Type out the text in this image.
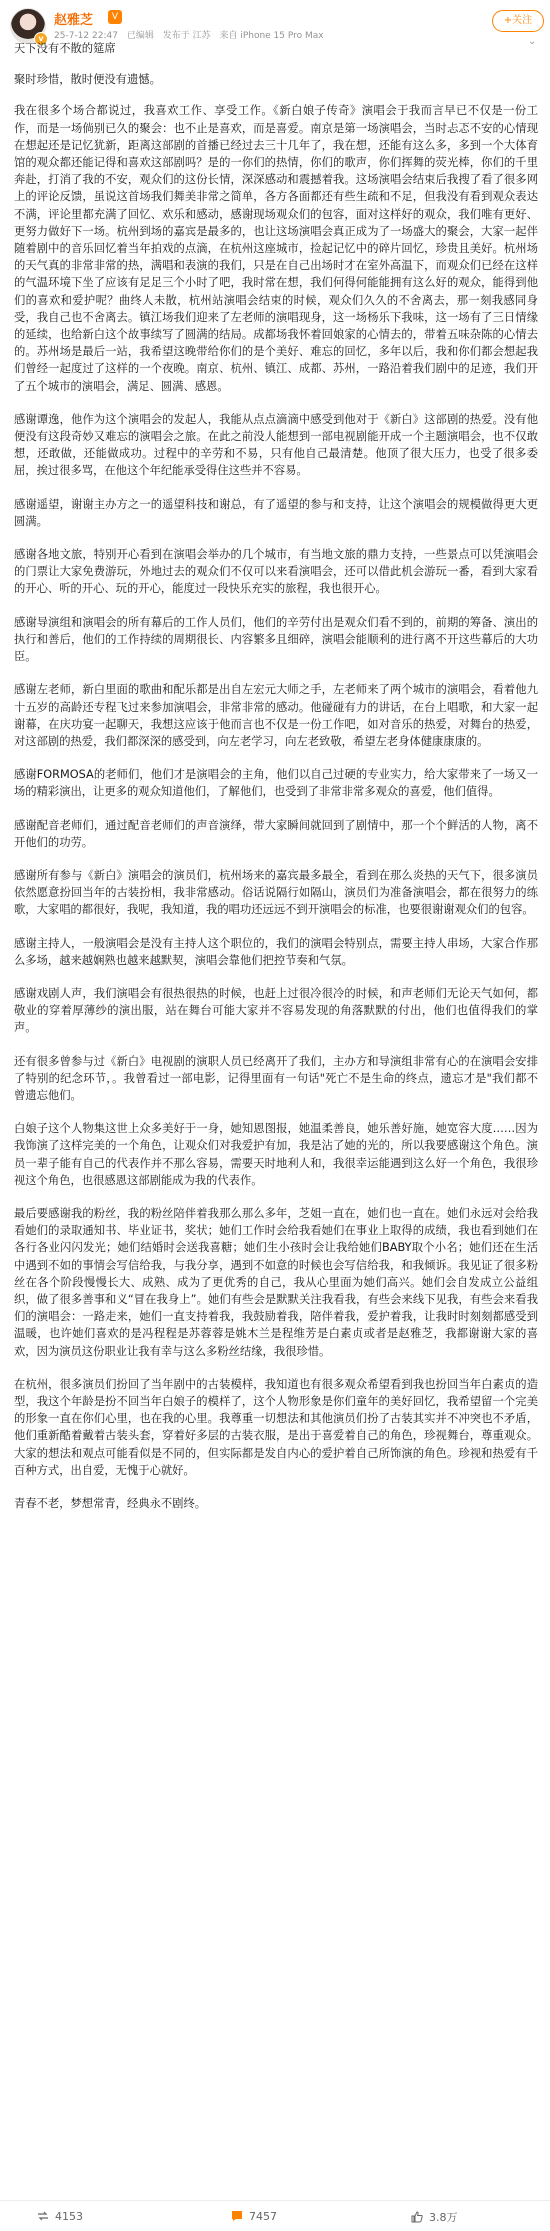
v
赵雅芝	V
25-7-12 22:47 已编辑 发布于 江苏 来自 iPhone 15 Pro Max
+关注
⌄

天下没有不散的筵席

聚时珍惜，散时便没有遗憾。

我在很多个场合都说过，我喜欢工作、享受工作。《新白娘子传奇》演唱会于我而言早已不仅是一份工作，而是一场倘别已久的聚会：也不止是喜欢，而是喜爱。南京是第一场演唱会，当时忐忑不安的心情现在想起还是记忆犹新，距离这部剧的首播已经过去三十几年了，我在想，还能有这么多，多到一个大体育馆的观众都还能记得和喜欢这部剧吗？是的一你们的热情，你们的歌声，你们挥舞的荧光棒，你们的千里奔赴，打消了我的不安，观众们的这份长情，深深感动和震撼着我。这场演唱会结束后我搜了看了很多网上的评论反馈，虽说这首场我们舞美非常之简单，各方各面都还有些生疏和不足，但我没有看到观众表达不满，评论里都充满了回忆、欢乐和感动，感谢现场观众们的包容，面对这样好的观众，我们唯有更好、更努力做好下一场。杭州到场的嘉宾是最多的，也让这场演唱会真正成为了一场盛大的聚会，大家一起伴随着剧中的音乐回忆着当年拍戏的点滴，在杭州这座城市，捡起记忆中的碎片回忆，珍贵且美好。杭州场的天气真的非常非常的热，满唱和表演的我们，只是在自己出场时才在室外高温下，而观众们已经在这样的气温环境下坐了应该有足足三个小时了吧，我时常在想，我们何得何能能拥有这么好的观众，能得到他们的喜欢和爱护呢？曲终人未散，杭州站演唱会结束的时候，观众们久久的不舍离去，那一刻我感同身受，我自己也不舍离去。镇江场我们迎来了左老师的演唱现身，这一场杨乐下我味，这一场有了三日情缘的延续，也给新白这个故事续写了圆满的结局。成都场我怀着回娘家的心情去的，带着五味杂陈的心情去的。苏州场是最后一站，我希望这晚带给你们的是个美好、难忘的回忆，多年以后，我和你们都会想起我们曾经一起度过了这样的一个夜晚。南京、杭州、镇江、成都、苏州，一路沿着我们剧中的足迹，我们开了五个城市的演唱会，满足、圆满、感恩。

感谢谭逸，他作为这个演唱会的发起人，我能从点点滴滴中感受到他对于《新白》这部剧的热爱。没有他便没有这段奇妙又难忘的演唱会之旅。在此之前没人能想到一部电视剧能开成一个主题演唱会，也不仅敢想，还敢做，还能做成功。过程中的辛劳和不易，只有他自己最清楚。他顶了很大压力，也受了很多委屈，挨过很多骂，在他这个年纪能承受得住这些并不容易。

感谢遥望，谢谢主办方之一的遥望科技和谢总，有了遥望的参与和支持，让这个演唱会的规模做得更大更圆满。

感谢各地文旅，特别开心看到在演唱会举办的几个城市，有当地文旅的鼎力支持，一些景点可以凭演唱会的门票让大家免费游玩，外地过去的观众们不仅可以来看演唱会，还可以借此机会游玩一番，看到大家看的开心、听的开心、玩的开心，能度过一段快乐充实的旅程，我也很开心。

感谢导演组和演唱会的所有幕后的工作人员们，他们的辛劳付出是观众们看不到的，前期的筹备、演出的执行和善后，他们的工作持续的周期很长、内容繁多且细碎，演唱会能顺利的进行离不开这些幕后的大功臣。

感谢左老师，新白里面的歌曲和配乐都是出自左宏元大师之手，左老师来了两个城市的演唱会，看着他九十五岁的高龄还专程飞过来参加演唱会，非常非常的感动。他碰碰有力的讲话，在台上唱歌，和大家一起谢幕，在庆功宴一起聊天，我想这应该于他而言也不仅是一份工作吧，如对音乐的热爱，对舞台的热爱，对这部剧的热爱，我们都深深的感受到，向左老学习，向左老致敬，希望左老身体健康康康的。

感谢FORMOSA的老师们，他们才是演唱会的主角，他们以自己过硬的专业实力，给大家带来了一场又一场的精彩演出，让更多的观众知道他们，了解他们，也受到了非常非常多观众的喜爱，他们值得。

感谢配音老师们，通过配音老师们的声音演绎，带大家瞬间就回到了剧情中，那一个个鲜活的人物，离不开他们的功劳。

感谢所有参与《新白》演唱会的演员们，杭州场来的嘉宾最多最全，看到在那么炎热的天气下，很多演员依然愿意扮回当年的古装扮相，我非常感动。俗话说隔行如隔山，演员们为准备演唱会，都在很努力的练歌，大家唱的都很好，我呢，我知道，我的唱功还远远不到开演唱会的标准，也要很谢谢观众们的包容。

感谢主持人，一般演唱会是没有主持人这个职位的，我们的演唱会特别点，需要主持人串场，大家合作那么多场，越来越娴熟也越来越默契，演唱会靠他们把控节奏和气氛。

感谢戏剧人声，我们演唱会有很热很热的时候，也赶上过很冷很冷的时候，和声老师们无论天气如何，都敬业的穿着厚薄纱的演出服，站在舞台可能大家并不容易发现的角落默默的付出，他们也值得我们的掌声。

还有很多曾参与过《新白》电视剧的演职人员已经离开了我们，主办方和导演组非常有心的在演唱会安排了特别的纪念环节，。我曾看过一部电影，记得里面有一句话"死亡不是生命的终点，遗忘才是"我们都不曾遗忘他们。

白娘子这个人物集这世上众多美好于一身，她知恩图报，她温柔善良，她乐善好施，她宽容大度……因为我饰演了这样完美的一个角色，让观众们对我爱护有加，我是沾了她的光的，所以我要感谢这个角色。演员一辈子能有自己的代表作并不那么容易，需要天时地利人和，我很幸运能遇到这么好一个角色，我很珍视这个角色，也很感恩这部剧能成为我的代表作。

最后要感谢我的粉丝，我的粉丝陪伴着我那么那么多年，芝姐一直在，她们也一直在。她们永远对会给我看她们的录取通知书、毕业证书，奖状；她们工作时会给我看她们在事业上取得的成绩，我也看到她们在各行各业闪闪发光；她们结婚时会送我喜糖；她们生小孩时会让我给她们BABY取个小名；她们还在生活中遇到不如的事情会写信给我，与我分享，遇到不如意的时候也会写信给我，和我倾诉。我见证了很多粉丝在各个阶段慢慢长大、成熟、成为了更优秀的自己，我从心里面为她们高兴。她们会自发成立公益组织，做了很多善事和义“冒在我身上”。她们有些会是默默关注我看我，有些会来线下见我，有些会来看我们的演唱会：一路走来，她们一直支持着我，我鼓励着我，陪伴着我，爱护着我，让我时时刻刻都感受到温暖，也许她们喜欢的是冯程程是苏蓉蓉是姚木兰是程维芳是白素贞或者是赵雅芝，我都谢谢大家的喜欢，因为演员这份职业让我有幸与这么多粉丝结缘，我很珍惜。

在杭州，很多演员们扮回了当年剧中的古装模样，我知道也有很多观众希望看到我也扮回当年白素贞的造型，我这个年龄是扮不回当年白娘子的模样了，这个人物形象是你们童年的美好回忆，我希望留一个完美的形象一直在你们心里，也在我的心里。我尊重一切想法和其他演员们扮了古装其实并不冲突也不矛盾，他们重新酷着戴着古装头套，穿着好多层的古装衣服，是出于喜爱着自己的角色，珍视舞台，尊重观众。大家的想法和观点可能看似是不同的，但实际都是发自内心的爱护着自己所饰演的角色。珍视和热爱有千百种方式，出自爱，无愧于心就好。

青春不老，梦想常青，经典永不剧终。

4153	7457	3.8万
